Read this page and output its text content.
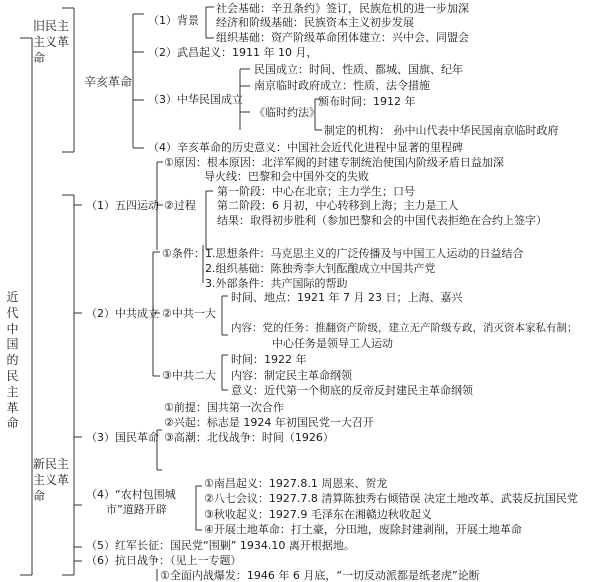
近代中国的民主革命
旧民主主义革命
辛亥革命
（1）背景
社会基础：辛丑条约》签订，民族危机的进一步加深
经济和阶级基础：民族资本主义初步发展
组织基础：资产阶级革命团体建立：兴中会、同盟会
（2）武昌起义：1911 年 10 月，
（3）中华民国成立
民国成立：时间、性质、都城、国旗、纪年
南京临时政府成立：性质、法令措施
《临时约法》
颁布时间：1912 年
制定的机构： 孙中山代表中华民国南京临时政府
（4）辛亥革命的历史意义：中国社会近代化进程中显著的里程碑
新民主主义革命
（1）五四运动
①原因：根本原因：北洋军阀的封建专制统治使国内阶级矛盾日益加深
导火线：巴黎和会中国外交的失败
②过程
第一阶段：中心在北京；主力学生；口号
第二阶段：6 月初，中心转移到上海；主力是工人
结果：取得初步胜利（参加巴黎和会的中国代表拒绝在合约上签字）
（2）中共成立
①条件： 1.思想条件：马克思主义的广泛传播及与中国工人运动的日益结合
2.组织基础：陈独秀李大钊酝酿成立中国共产党
3.外部条件：共产国际的帮助
②中共一大
时间、地点：1921 年 7 月 23 日；上海、嘉兴
内容：党的任务：推翻资产阶级，建立无产阶级专政，消灭资本家私有制；
中心任务是领导工人运动
③中共二大
时间：1922 年
内容：制定民主革命纲领
意义：近代第一个彻底的反帝反封建民主革命纲领
（3）国民革命
①前提：国共第一次合作
②兴起：标志是 1924 年初国民党一大召开
③高潮：北伐战争：时间（1926）
（4）“农村包围城
市”道路开辟
①南昌起义：1927.8.1 周恩来、贺龙
②八七会议：1927.7.8 清算陈独秀右倾错误 决定土地改革、武装反抗国民党
③秋收起义：1927.9 毛泽东在湘赣边秋收起义
④开展土地革命：打土豪，分田地，废除封建剥削，开展土地革命
（5）红军长征：国民党“围剿” 1934.10 离开根据地。
（6）抗日战争：（见上一专题）
①全面内战爆发：1946 年 6 月底，“一切反动派都是纸老虎”论断
